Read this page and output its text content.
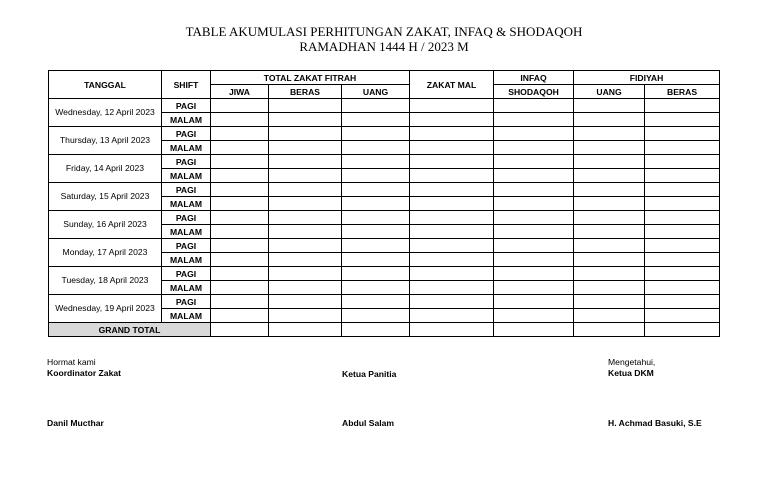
TABLE AKUMULASI PERHITUNGAN ZAKAT, INFAQ & SHODAQOH
RAMADHAN 1444 H / 2023 M
TANGGAL	SHIFT	TOTAL ZAKAT FITRAH			ZAKAT MAL	INFAQ	FIDIYAH	
		JIWA	BERAS	UANG		SHODAQOH	UANG	BERAS
Wednesday, 12 April 2023	PAGI							
	MALAM							
Thursday, 13 April 2023	PAGI							
	MALAM							
Friday, 14 April 2023	PAGI							
	MALAM							
Saturday, 15 April 2023	PAGI							
	MALAM							
Sunday, 16 April 2023	PAGI							
	MALAM							
Monday, 17 April 2023	PAGI							
	MALAM							
Tuesday, 18 April 2023	PAGI							
	MALAM							
Wednesday, 19 April 2023	PAGI							
	MALAM							
GRAND TOTAL								
Hormat kami
Koordinator Zakat
Danil Mucthar
Ketua Panitia
Abdul Salam
Mengetahui,
Ketua DKM
H. Achmad Basuki, S.E
